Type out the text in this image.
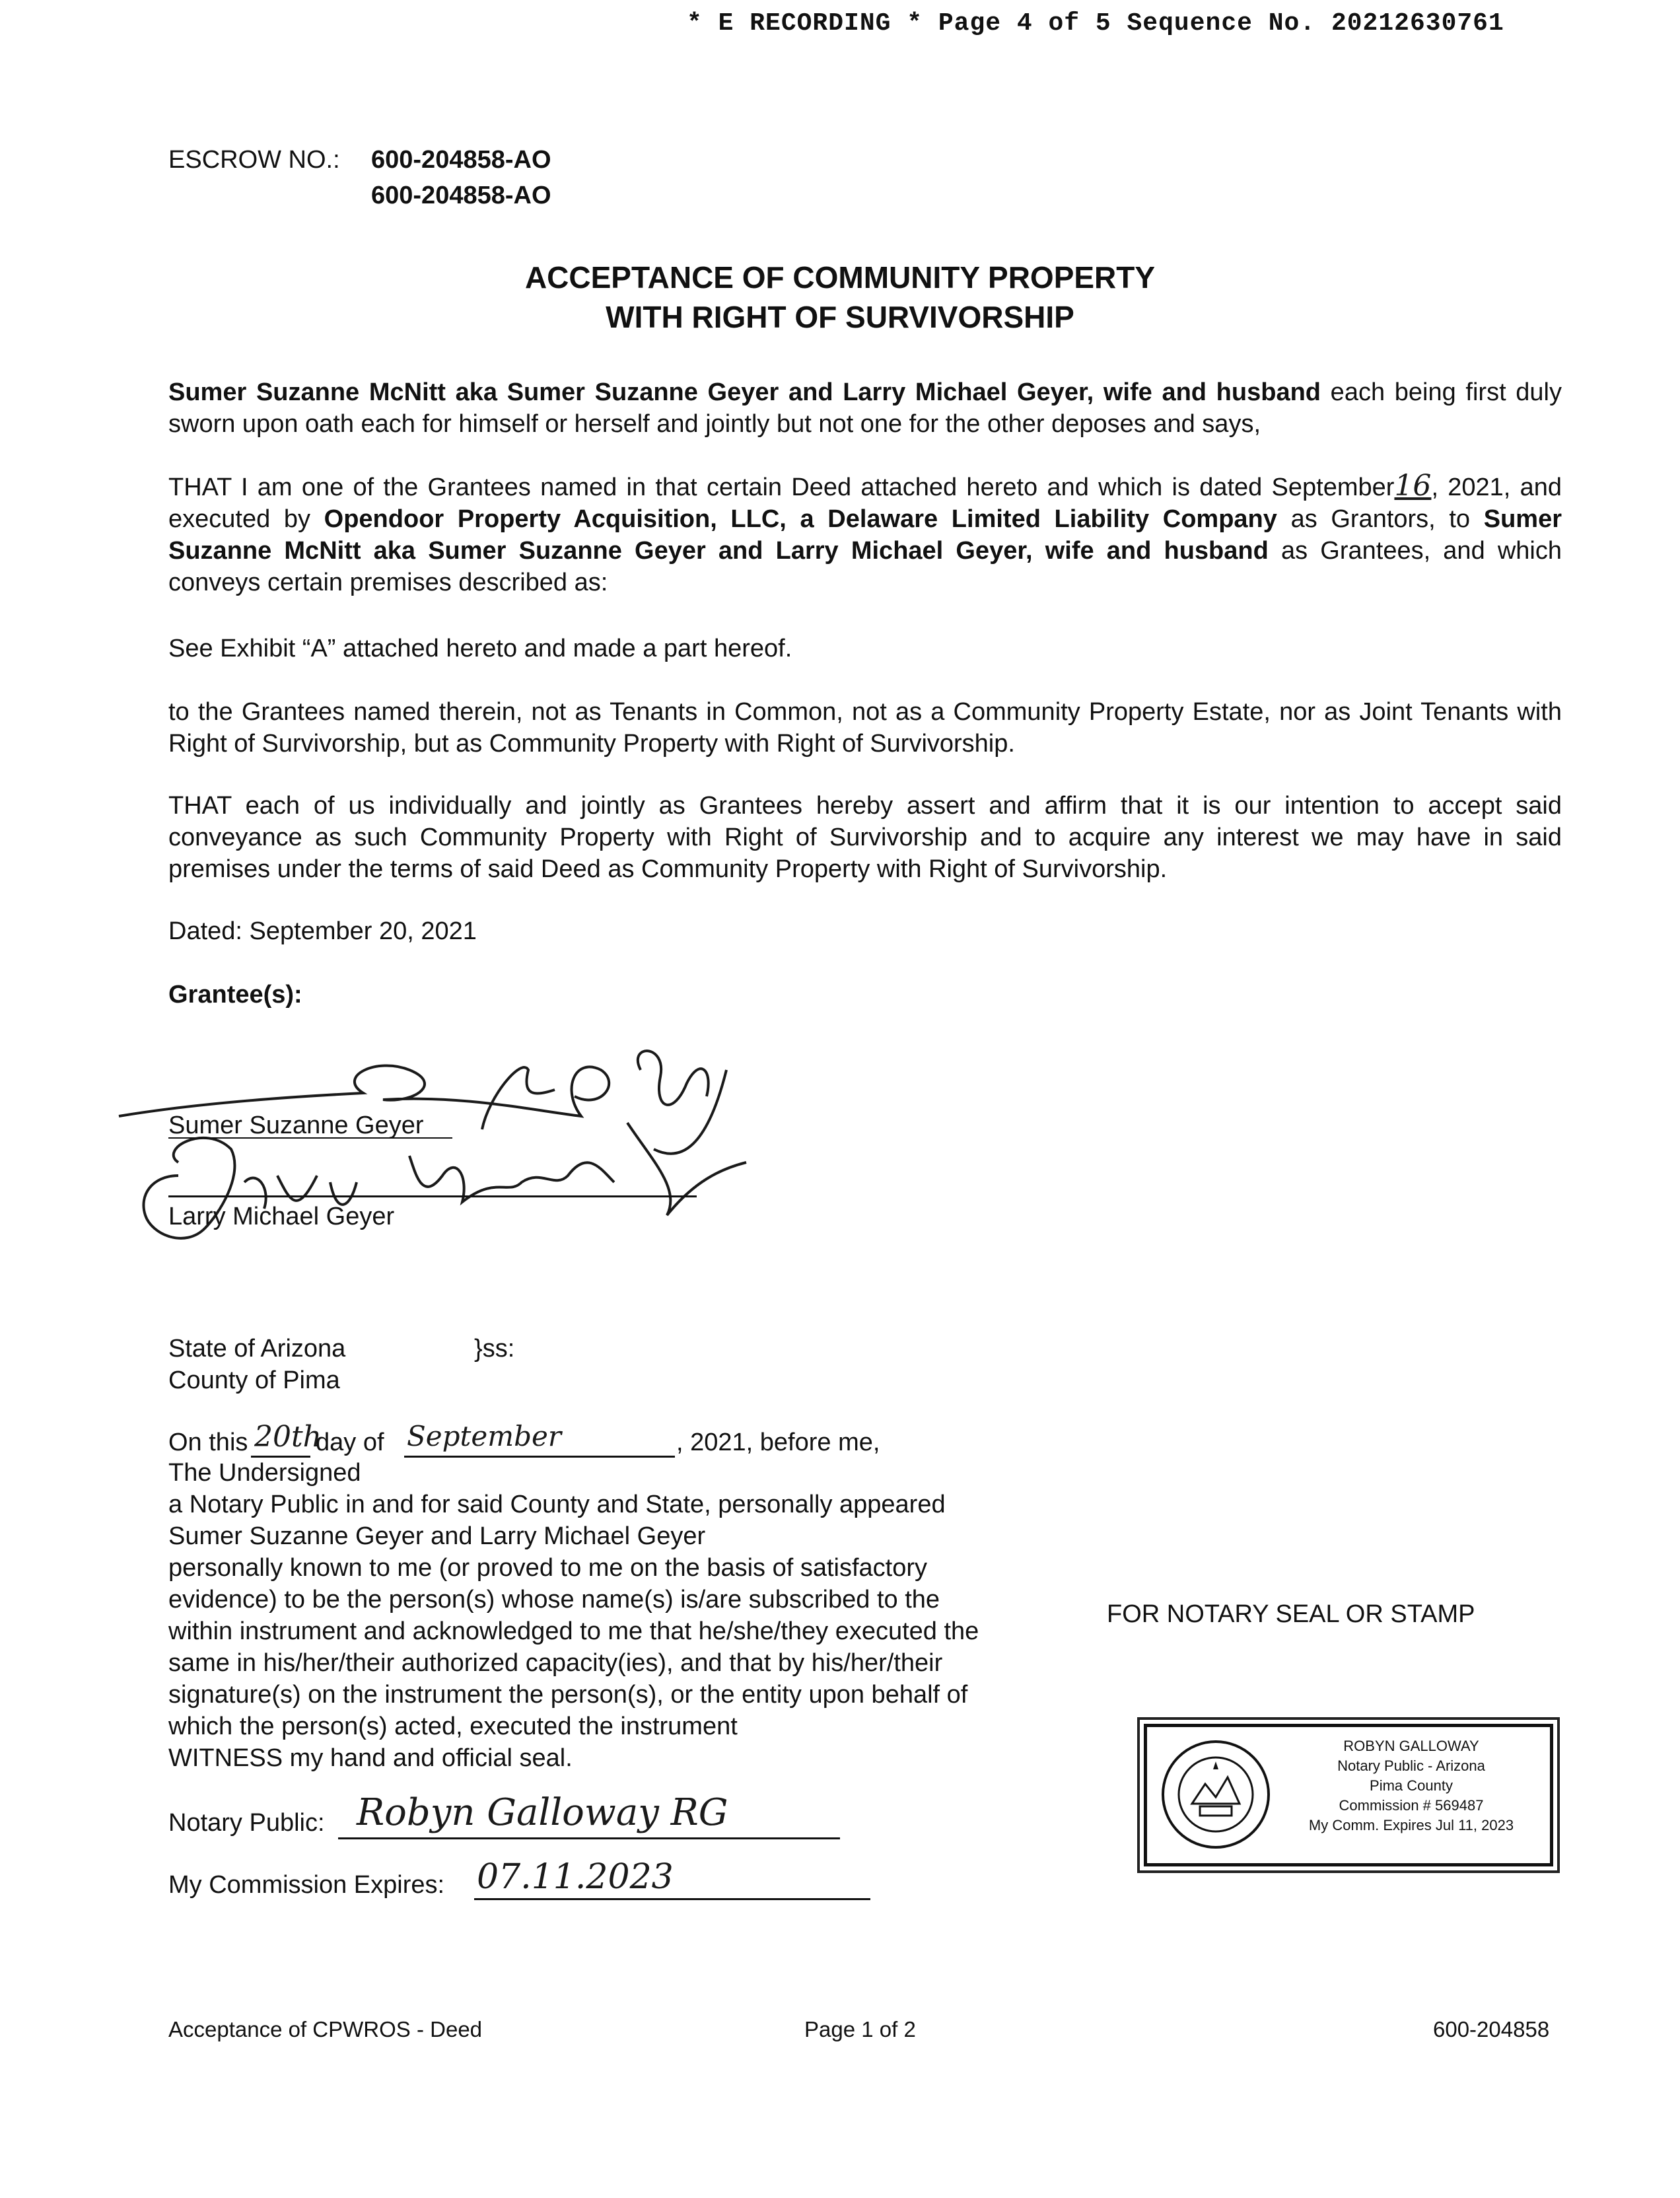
* E RECORDING * Page 4 of 5 Sequence No. 20212630761
ESCROW NO.: 600-204858-AO
600-204858-AO
ACCEPTANCE OF COMMUNITY PROPERTY
WITH RIGHT OF SURVIVORSHIP
Sumer Suzanne McNitt aka Sumer Suzanne Geyer and Larry Michael Geyer, wife and husband each being first duly sworn upon oath each for himself or herself and jointly but not one for the other deposes and says,
THAT I am one of the Grantees named in that certain Deed attached hereto and which is dated September16, 2021, and executed by Opendoor Property Acquisition, LLC, a Delaware Limited Liability Company as Grantors, to Sumer Suzanne McNitt aka Sumer Suzanne Geyer and Larry Michael Geyer, wife and husband as Grantees, and which conveys certain premises described as:
See Exhibit “A” attached hereto and made a part hereof.
to the Grantees named therein, not as Tenants in Common, not as a Community Property Estate, nor as Joint Tenants with Right of Survivorship, but as Community Property with Right of Survivorship.
THAT each of us individually and jointly as Grantees hereby assert and affirm that it is our intention to accept said conveyance as such Community Property with Right of Survivorship and to acquire any interest we may have in said premises under the terms of said Deed as Community Property with Right of Survivorship.
Dated: September 20, 2021
Grantee(s):
Sumer Suzanne Geyer
Larry Michael Geyer
State of Arizona	}ss:
County of Pima
On this 20th
day of September	, 2021, before me,
The Undersigned
a Notary Public in and for said County and State, personally appeared
Sumer Suzanne Geyer and Larry Michael Geyer
personally known to me (or proved to me on the basis of satisfactory
evidence) to be the person(s) whose name(s) is/are subscribed to the
within instrument and acknowledged to me that he/she/they executed the
same in his/her/their authorized capacity(ies), and that by his/her/their
signature(s) on the instrument the person(s), or the entity upon behalf of
which the person(s) acted, executed the instrument
WITNESS my hand and official seal.
Notary Public: Robyn Galloway RG
My Commission Expires: 07.11.2023
FOR NOTARY SEAL OR STAMP
ROBYN GALLOWAY
Notary Public - Arizona
Pima County
Commission # 569487
My Comm. Expires Jul 11, 2023
Acceptance of CPWROS - Deed	Page 1 of 2	600-204858
